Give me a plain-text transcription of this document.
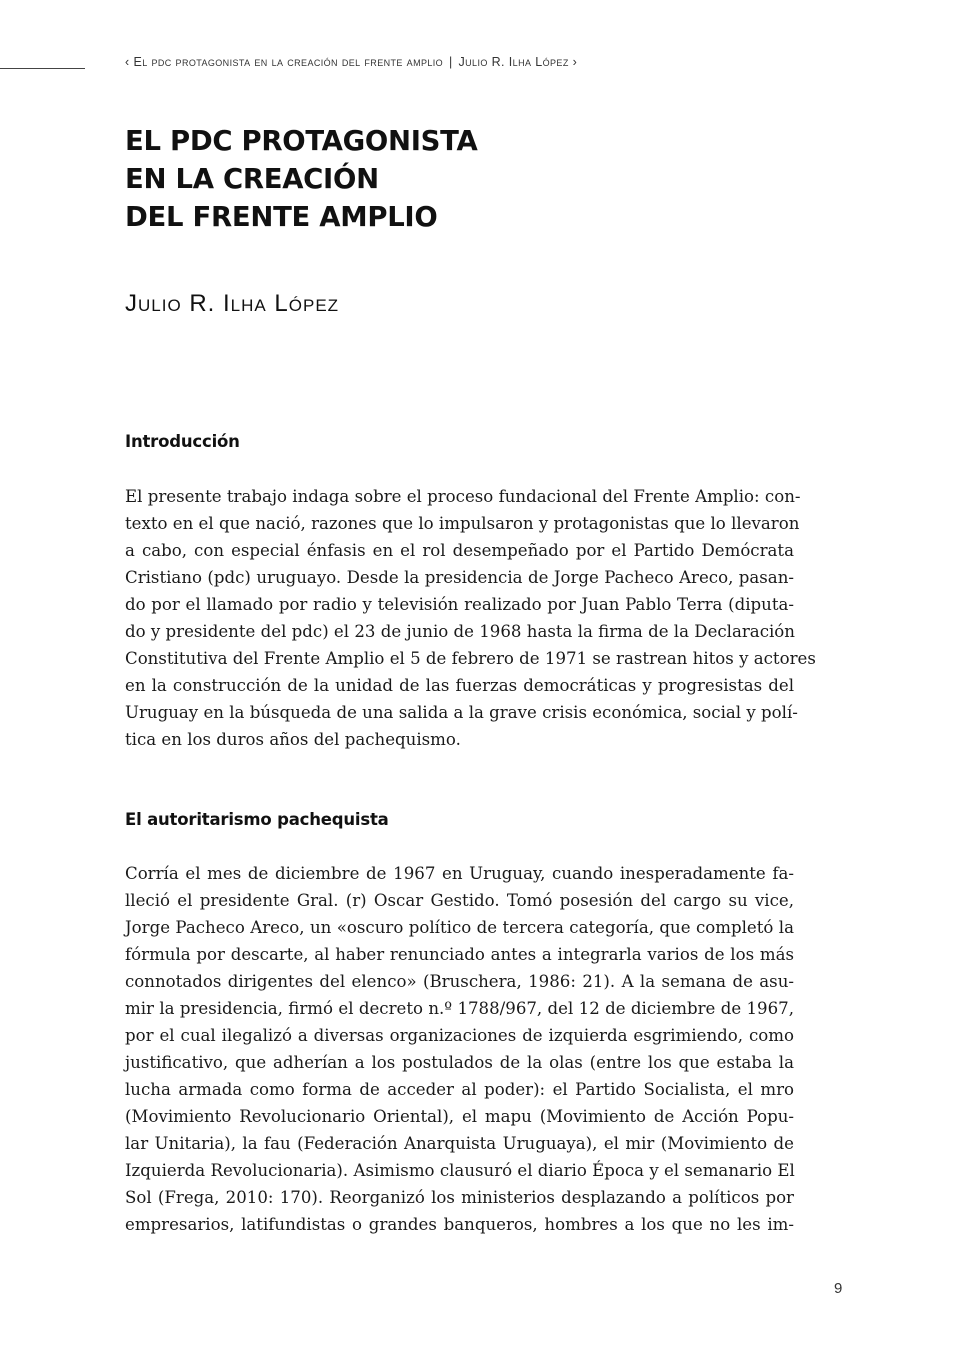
‹ El pdc protagonista en la creación del frente amplio | Julio R. Ilha López ›
EL PDC PROTAGONISTA
EN LA CREACIÓN
DEL FRENTE AMPLIO
Julio R. Ilha López
Introducción
El presente trabajo indaga sobre el proceso fundacional del Frente Amplio: con-
texto en el que nació, razones que lo impulsaron y protagonistas que lo llevaron
a cabo, con especial énfasis en el rol desempeñado por el Partido Demócrata
Cristiano (pdc) uruguayo. Desde la presidencia de Jorge Pacheco Areco, pasan-
do por el llamado por radio y televisión realizado por Juan Pablo Terra (diputa-
do y presidente del pdc) el 23 de junio de 1968 hasta la firma de la Declaración
Constitutiva del Frente Amplio el 5 de febrero de 1971 se rastrean hitos y actores
en la construcción de la unidad de las fuerzas democráticas y progresistas del
Uruguay en la búsqueda de una salida a la grave crisis económica, social y polí-
tica en los duros años del pachequismo.
El autoritarismo pachequista
Corría el mes de diciembre de 1967 en Uruguay, cuando inesperadamente fa-
lleció el presidente Gral. (r) Oscar Gestido. Tomó posesión del cargo su vice,
Jorge Pacheco Areco, un «oscuro político de tercera categoría, que completó la
fórmula por descarte, al haber renunciado antes a integrarla varios de los más
connotados dirigentes del elenco» (Bruschera, 1986: 21). A la semana de asu-
mir la presidencia, firmó el decreto n.º 1788/967, del 12 de diciembre de 1967,
por el cual ilegalizó a diversas organizaciones de izquierda esgrimiendo, como
justificativo, que adherían a los postulados de la olas (entre los que estaba la
lucha armada como forma de acceder al poder): el Partido Socialista, el mro
(Movimiento Revolucionario Oriental), el mapu (Movimiento de Acción Popu-
lar Unitaria), la fau (Federación Anarquista Uruguaya), el mir (Movimiento de
Izquierda Revolucionaria). Asimismo clausuró el diario Época y el semanario El
Sol (Frega, 2010: 170). Reorganizó los ministerios desplazando a políticos por
empresarios, latifundistas o grandes banqueros, hombres a los que no les im-
9
